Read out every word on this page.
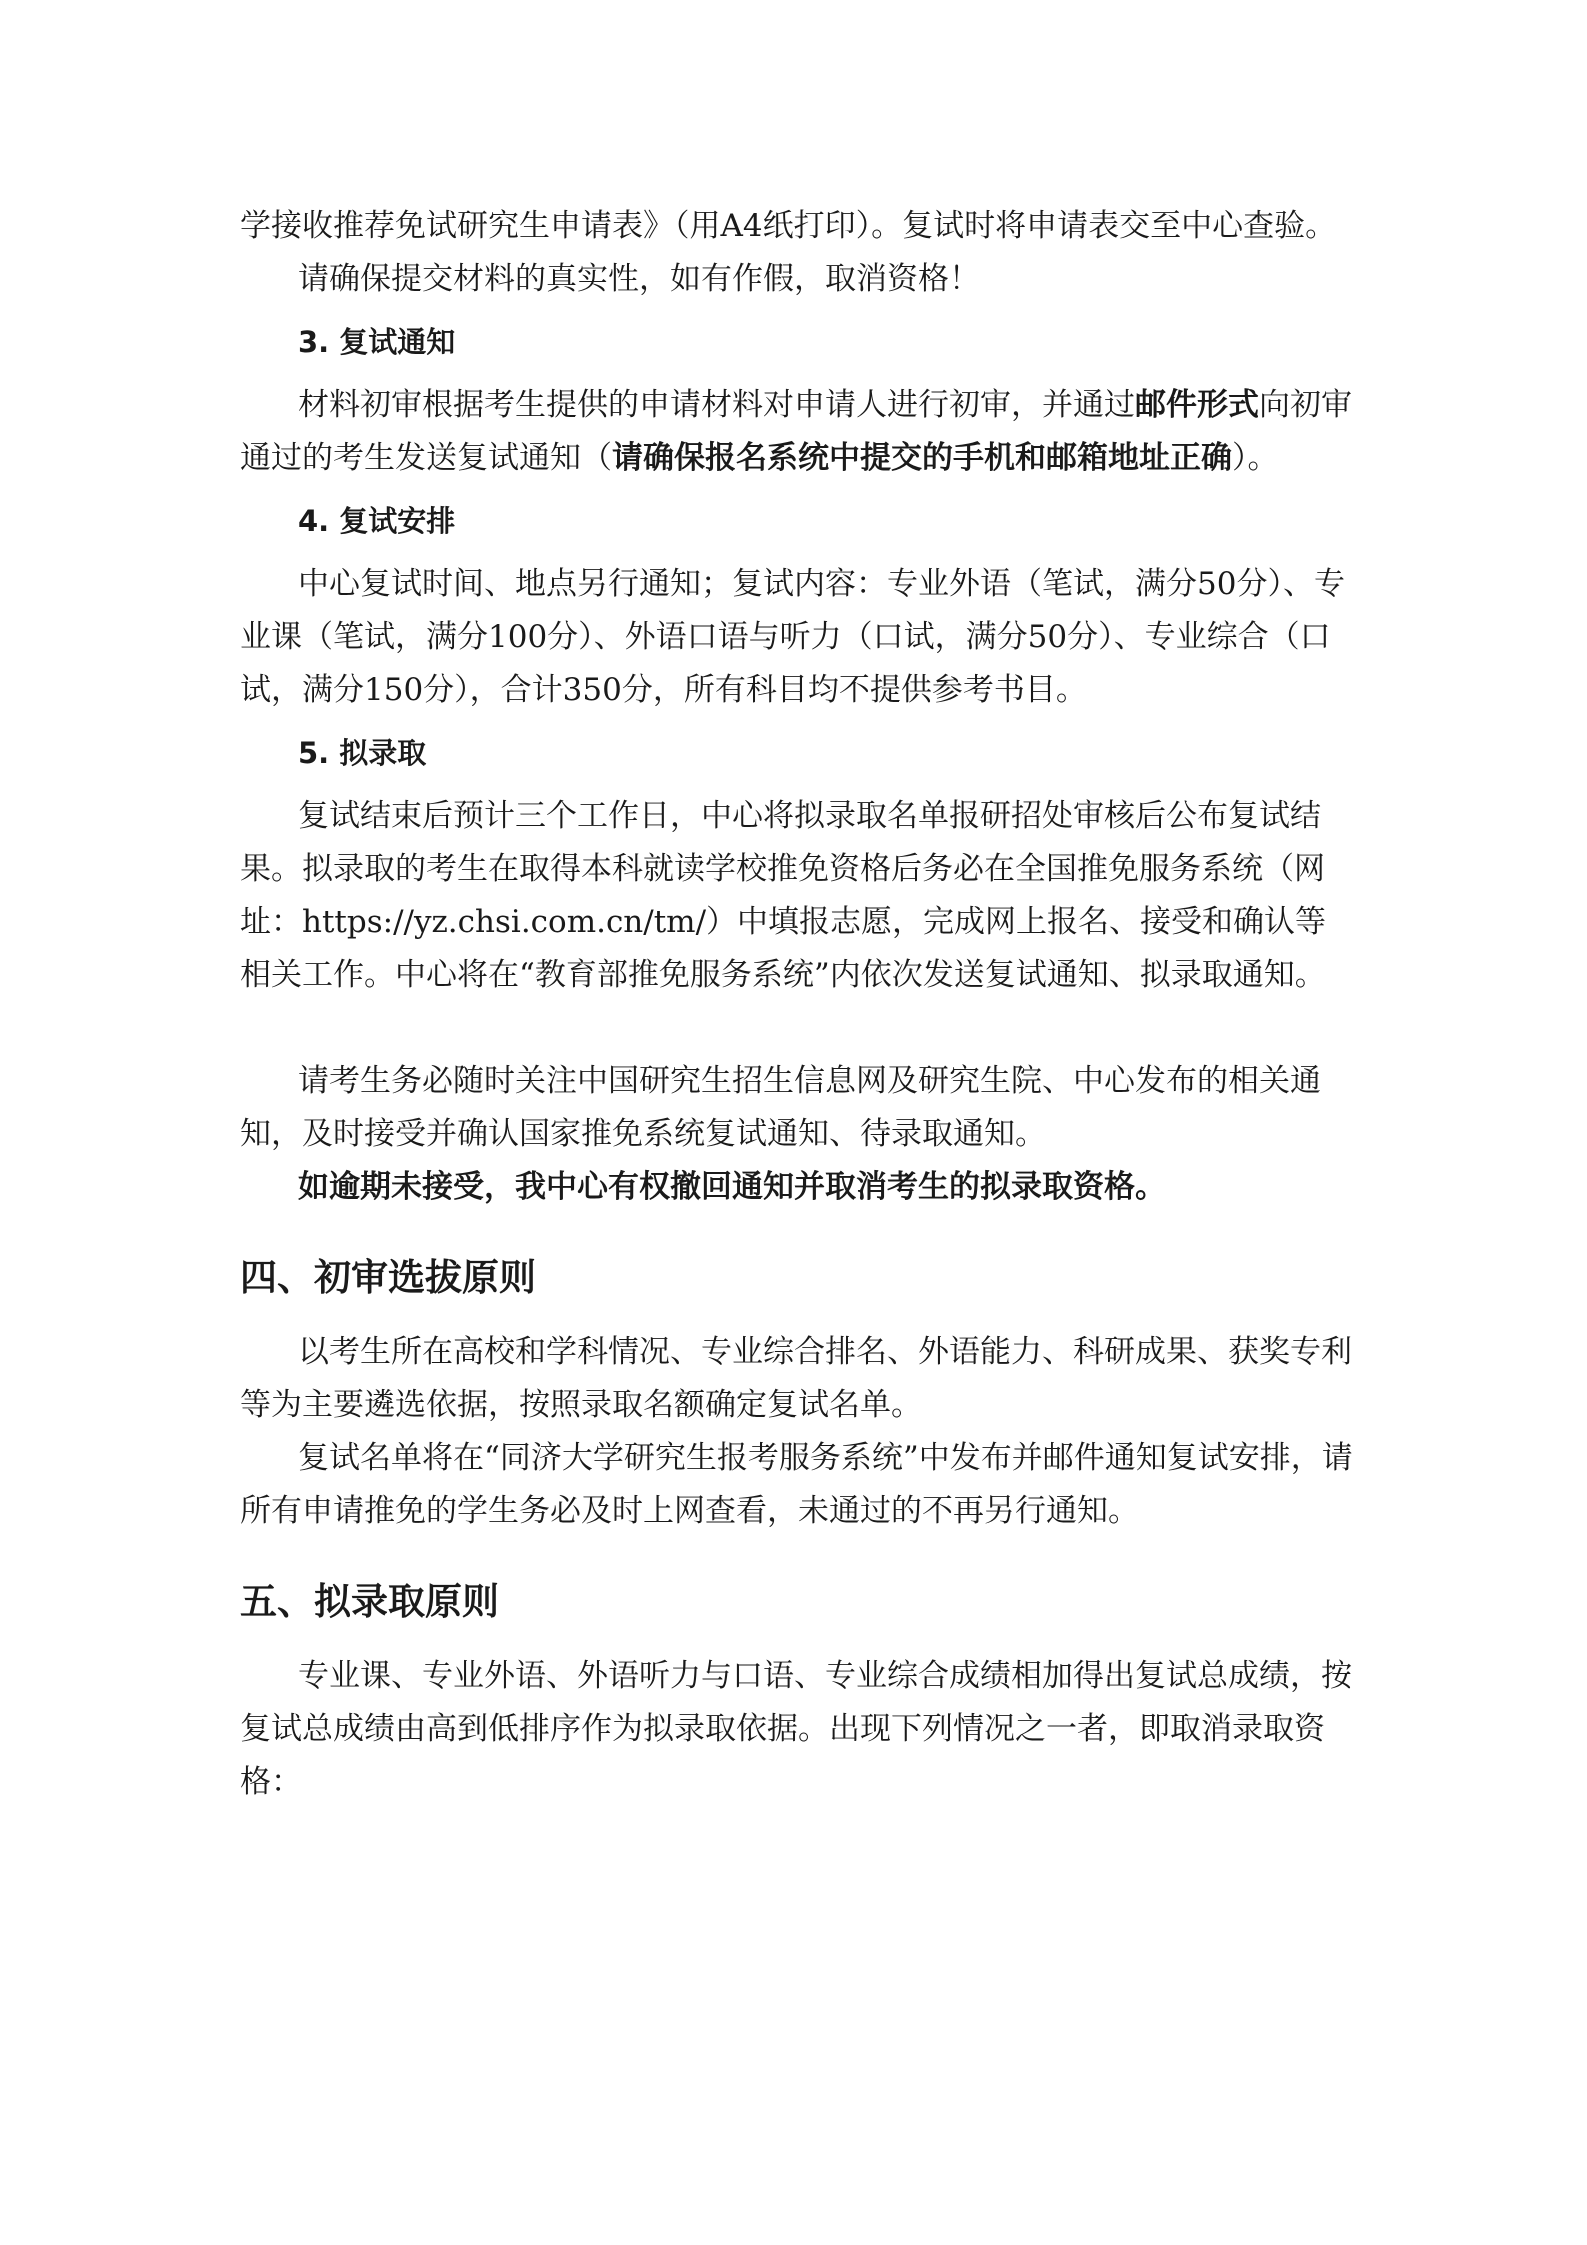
学接收推荐免试研究生申请表》（用A4纸打印）。复试时将申请表交至中心查验。

请确保提交材料的真实性，如有作假，取消资格！

3. 复试通知

材料初审根据考生提供的申请材料对申请人进行初审，并通过邮件形式向初审通过的考生发送复试通知（请确保报名系统中提交的手机和邮箱地址正确）。

4. 复试安排

中心复试时间、地点另行通知；复试内容：专业外语（笔试，满分50分）、专业课（笔试，满分100分）、外语口语与听力（口试，满分50分）、专业综合（口试，满分150分），合计350分，所有科目均不提供参考书目。

5. 拟录取

复试结束后预计三个工作日，中心将拟录取名单报研招处审核后公布复试结果。拟录取的考生在取得本科就读学校推免资格后务必在全国推免服务系统（网址：https://yz.chsi.com.cn/tm/）中填报志愿，完成网上报名、接受和确认等相关工作。中心将在“教育部推免服务系统”内依次发送复试通知、拟录取通知。

请考生务必随时关注中国研究生招生信息网及研究生院、中心发布的相关通知，及时接受并确认国家推免系统复试通知、待录取通知。

如逾期未接受，我中心有权撤回通知并取消考生的拟录取资格。

四、初审选拔原则

以考生所在高校和学科情况、专业综合排名、外语能力、科研成果、获奖专利等为主要遴选依据，按照录取名额确定复试名单。

复试名单将在“同济大学研究生报考服务系统”中发布并邮件通知复试安排，请所有申请推免的学生务必及时上网查看，未通过的不再另行通知。

五、拟录取原则

专业课、专业外语、外语听力与口语、专业综合成绩相加得出复试总成绩，按复试总成绩由高到低排序作为拟录取依据。出现下列情况之一者，即取消录取资格：
